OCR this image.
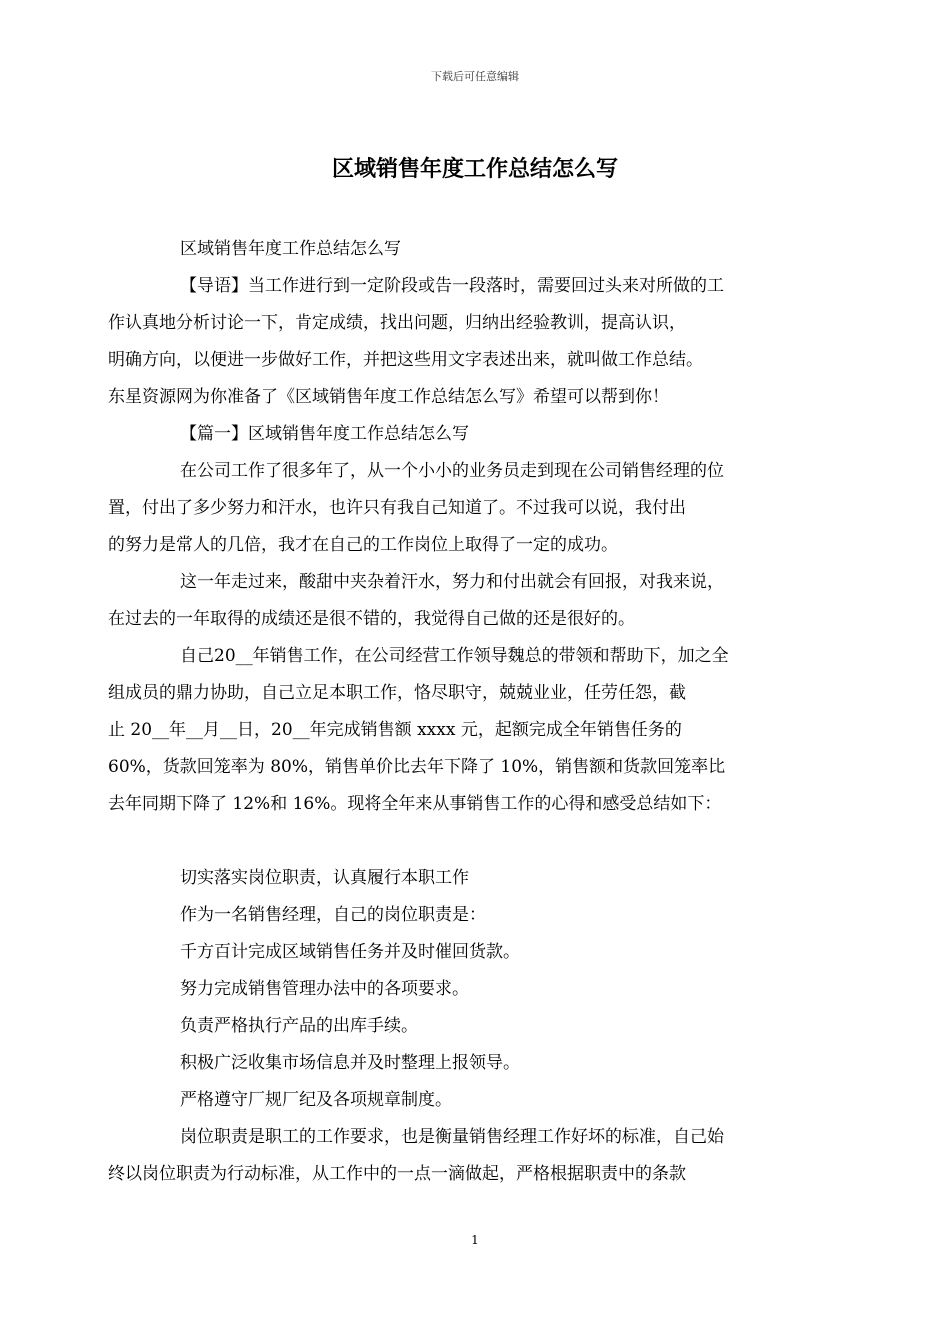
下载后可任意编辑
区域销售年度工作总结怎么写
区域销售年度工作总结怎么写
【导语】当工作进行到一定阶段或告一段落时，需要回过头来对所做的工
作认真地分析讨论一下，肯定成绩，找出问题，归纳出经验教训，提高认识，
明确方向，以便进一步做好工作，并把这些用文字表述出来，就叫做工作总结。
东星资源网为你准备了《区域销售年度工作总结怎么写》希望可以帮到你！
【篇一】区域销售年度工作总结怎么写
在公司工作了很多年了，从一个小小的业务员走到现在公司销售经理的位
置，付出了多少努力和汗水，也许只有我自己知道了。不过我可以说，我付出
的努力是常人的几倍，我才在自己的工作岗位上取得了一定的成功。
这一年走过来，酸甜中夹杂着汗水，努力和付出就会有回报，对我来说，
在过去的一年取得的成绩还是很不错的，我觉得自己做的还是很好的。
自己20__年销售工作，在公司经营工作领导魏总的带领和帮助下，加之全
组成员的鼎力协助，自己立足本职工作，恪尽职守，兢兢业业，任劳任怨，截
止 20__年__月__日，20__年完成销售额 xxxx 元，起额完成全年销售任务的
60%，货款回笼率为 80%，销售单价比去年下降了 10%，销售额和货款回笼率比
去年同期下降了 12%和 16%。现将全年来从事销售工作的心得和感受总结如下：
切实落实岗位职责，认真履行本职工作
作为一名销售经理，自己的岗位职责是：
千方百计完成区域销售任务并及时催回货款。
努力完成销售管理办法中的各项要求。
负责严格执行产品的出库手续。
积极广泛收集市场信息并及时整理上报领导。
严格遵守厂规厂纪及各项规章制度。
岗位职责是职工的工作要求，也是衡量销售经理工作好坏的标准，自己始
终以岗位职责为行动标准，从工作中的一点一滴做起，严格根据职责中的条款
1
